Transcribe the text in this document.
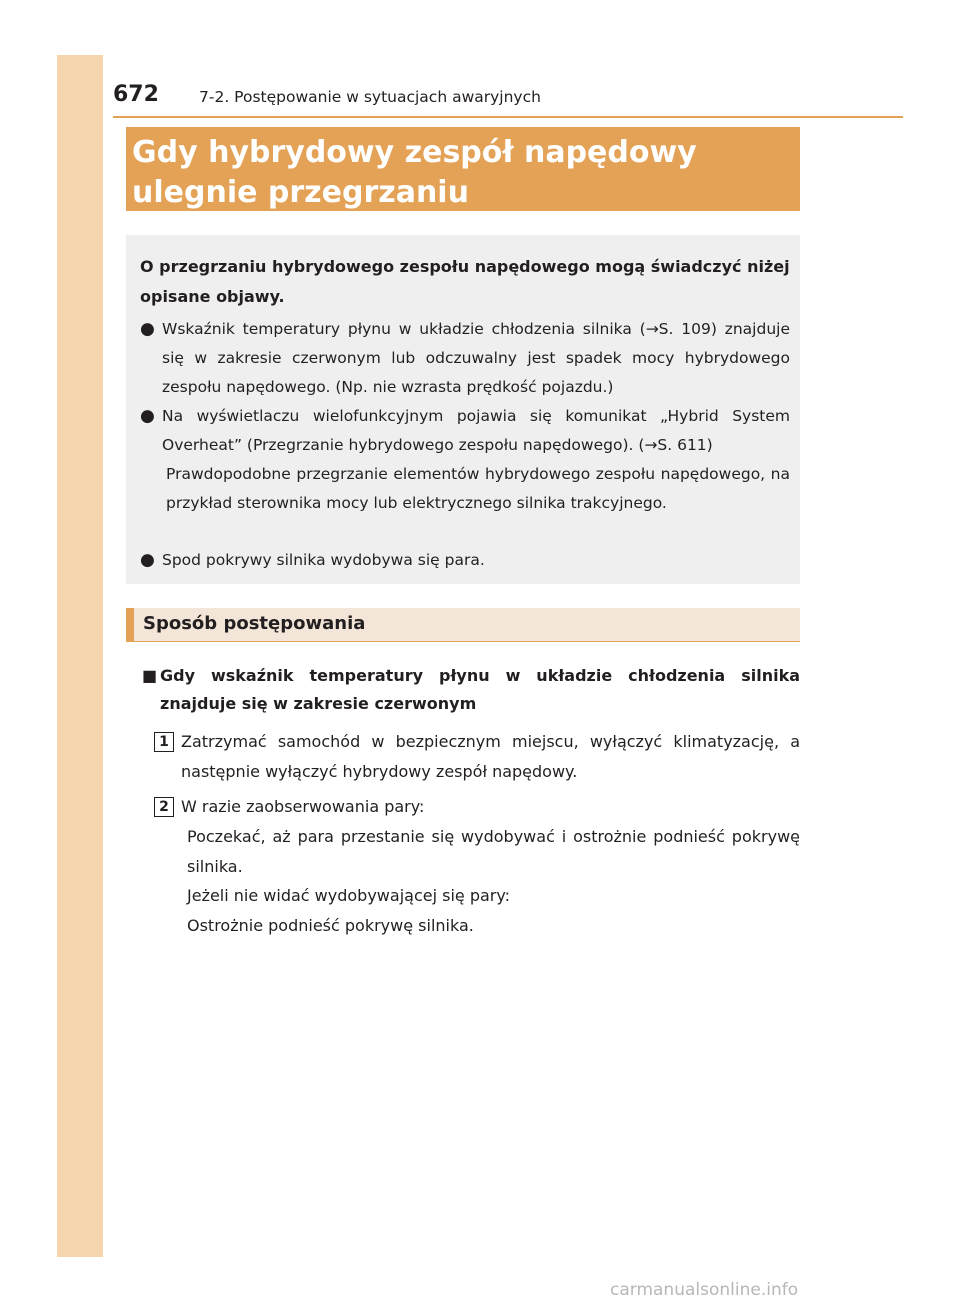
672	7-2. Postępowanie w sytuacjach awaryjnych
Gdy hybrydowy zespół napędowy ulegnie przegrzaniu
O przegrzaniu hybrydowego zespołu napędowego mogą świadczyć niżej opisane objawy.
● Wskaźnik temperatury płynu w układzie chłodzenia silnika (→S. 109) znajduje się w zakresie czerwonym lub odczuwalny jest spadek mocy hybrydowego zespołu napędowego. (Np. nie wzrasta prędkość pojazdu.)
● Na wyświetlaczu wielofunkcyjnym pojawia się komunikat „Hybrid System Overheat” (Przegrzanie hybrydowego zespołu napędowego). (→S. 611)
Prawdopodobne przegrzanie elementów hybrydowego zespołu napędowego, na przykład sterownika mocy lub elektrycznego silnika trakcyjnego.
● Spod pokrywy silnika wydobywa się para.
Sposób postępowania
■ Gdy wskaźnik temperatury płynu w układzie chłodzenia silnika znajduje się w zakresie czerwonym
1 Zatrzymać samochód w bezpiecznym miejscu, wyłączyć klimatyzację, a następnie wyłączyć hybrydowy zespół napędowy.
2 W razie zaobserwowania pary:
Poczekać, aż para przestanie się wydobywać i ostrożnie podnieść pokrywę silnika.
Jeżeli nie widać wydobywającej się pary:
Ostrożnie podnieść pokrywę silnika.
carmanualsonline.info
